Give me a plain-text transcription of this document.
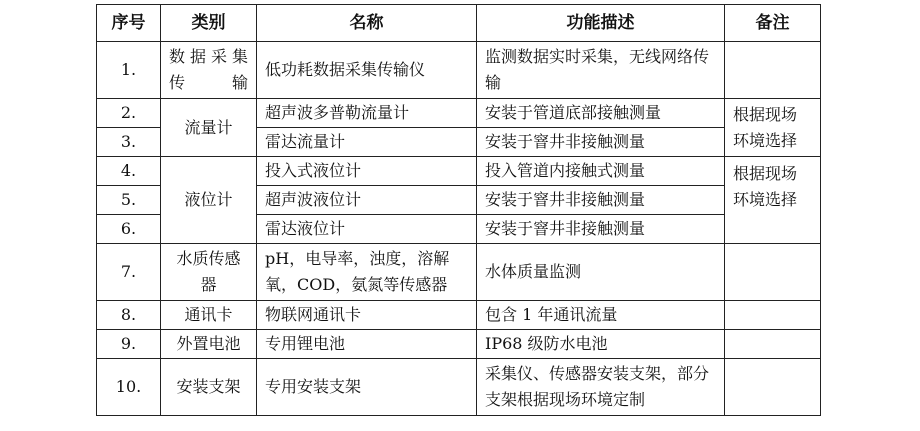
序号	类别	名称	功能描述	备注
1.	数据采集传输	低功耗数据采集传输仪	监测数据实时采集，无线网络传输	
2.	流量计	超声波多普勒流量计	安装于管道底部接触测量	根据现场环境选择
3.		雷达流量计	安装于窨井非接触测量	
4.	液位计	投入式液位计	投入管道内接触式测量	根据现场环境选择
5.		超声波液位计	安装于窨井非接触测量	
6.		雷达液位计	安装于窨井非接触测量	
7.	水质传感器	pH，电导率，浊度，溶解氧，COD，氨氮等传感器	水体质量监测	
8.	通讯卡	物联网通讯卡	包含 1 年通讯流量	
9.	外置电池	专用锂电池	IP68 级防水电池	
10.	安装支架	专用安装支架	采集仪、传感器安装支架，部分支架根据现场环境定制	
